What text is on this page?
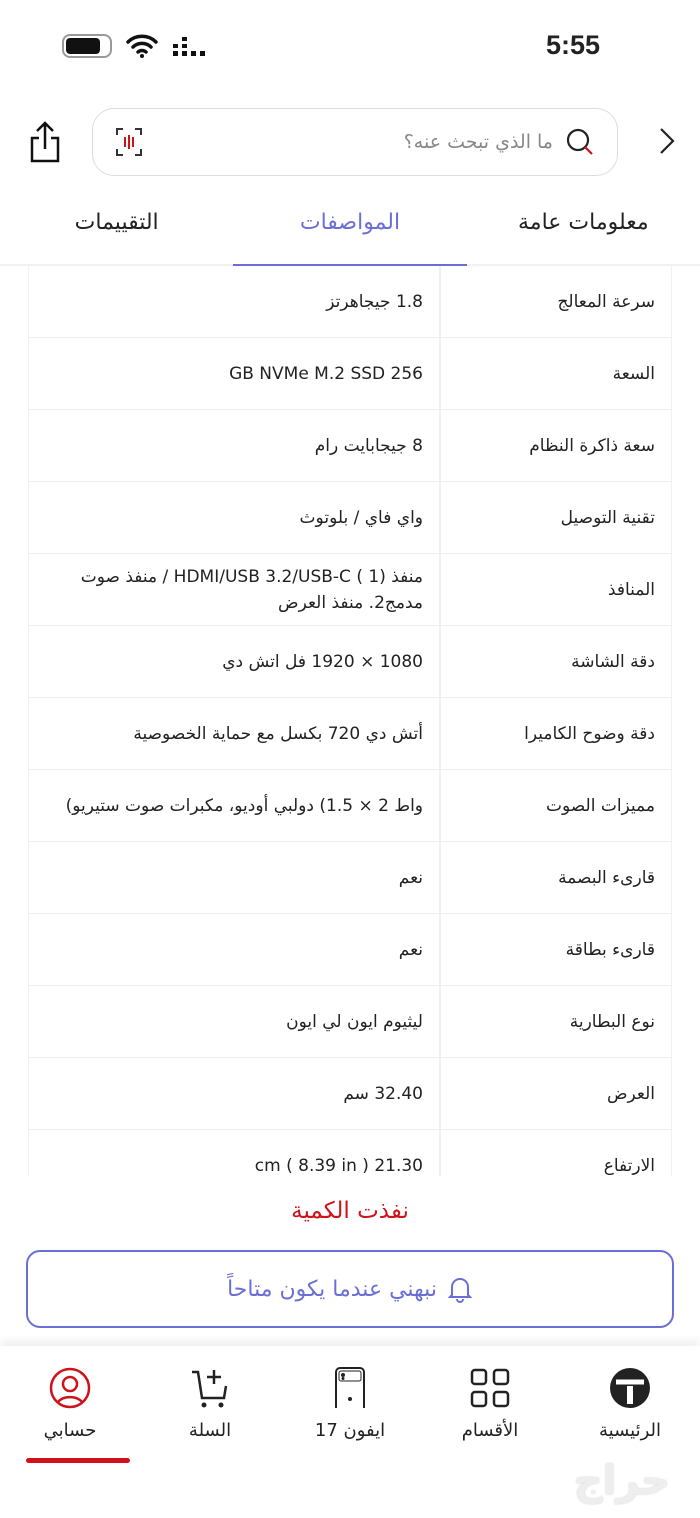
5:55
ما الذي تبحث عنه؟
معلومات عامة
المواصفات
التقييمات
سرعة المعالج
1.8 جيجاهرتز
السعة
GB NVMe M.2 SSD 256
سعة ذاكرة النظام
8 جيجابايت رام
تقنية التوصيل
واي فاي / بلوتوث
المنافذ
منفذ (1 ) HDMI/USB 3.2/USB-C / منفذ صوت مدمج2. منفذ العرض
دقة الشاشة
1080 × 1920 فل اتش دي
دقة وضوح الكاميرا
أتش دي 720 بكسل مع حماية الخصوصية
مميزات الصوت
واط 2 × 1.5) دولبي أوديو، مكبرات صوت ستيريو)
قارىء البصمة
نعم
قارىء بطاقة
نعم
نوع البطارية
ليثيوم ايون لي ايون
العرض
32.40 سم
الارتفاع
21.30 cm ( 8.39 in )
نفذت الكمية
نبهني عندما يكون متاحاً
الرئيسية
الأقسام
ايفون 17
السلة
حسابي
حراج
